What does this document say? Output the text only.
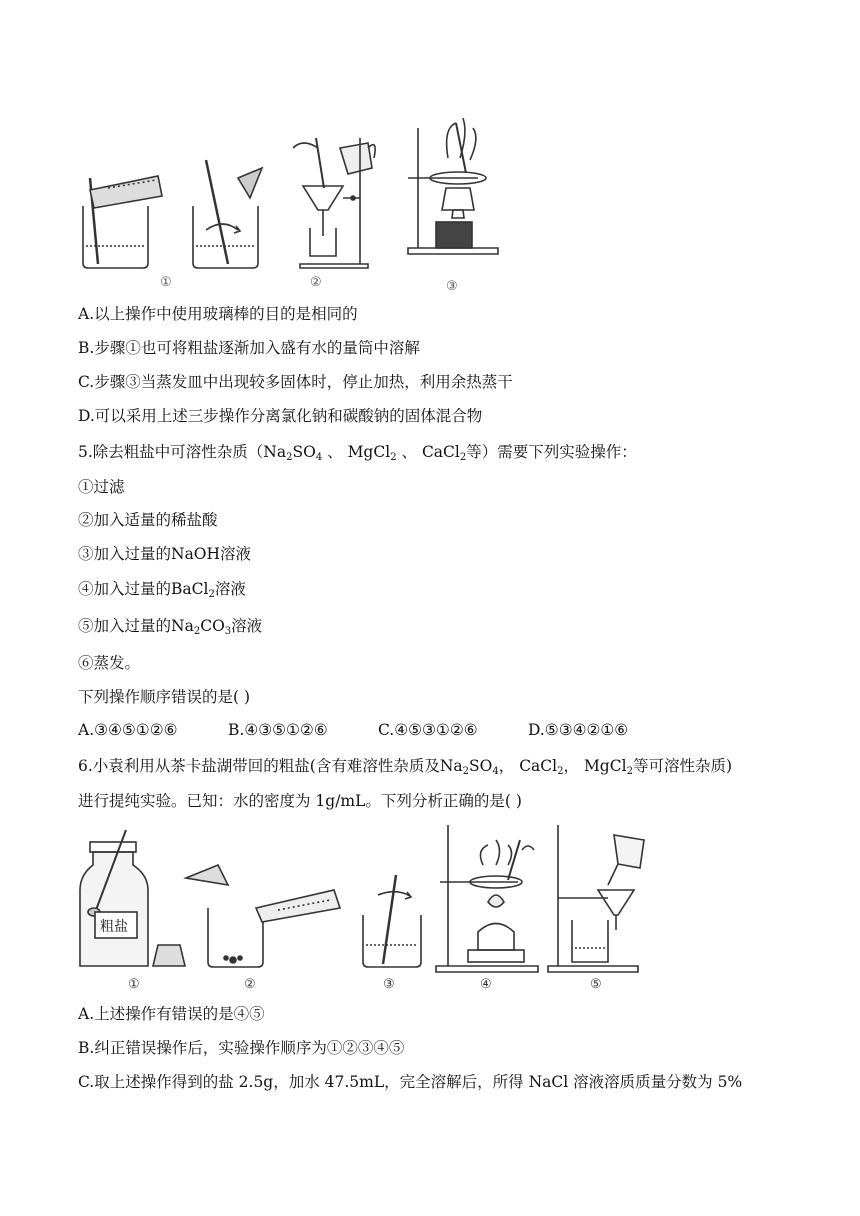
①	②	③
A.以上操作中使用玻璃棒的目的是相同的
B.步骤①也可将粗盐逐渐加入盛有水的量筒中溶解
C.步骤③当蒸发皿中出现较多固体时，停止加热，利用余热蒸干
D.可以采用上述三步操作分离氯化钠和碳酸钠的固体混合物
5.除去粗盐中可溶性杂质（$Na_2SO_4$ 、 MgCl$_2$ 、 CaCl$_2$等）需要下列实验操作：
①过滤
②加入适量的稀盐酸
③加入过量的NaOH溶液
④加入过量的BaCl$_2$溶液
⑤加入过量的$Na_2CO_3$溶液
⑥蒸发。
下列操作顺序错误的是( )
A.③④⑤①②⑥	B.④③⑤①②⑥	C.④⑤③①②⑥	D.⑤③④②①⑥
6.小袁利用从茶卡盐湖带回的粗盐(含有难溶性杂质及$Na_2SO_4$， CaCl$_2$， MgCl$_2$等可溶性杂质)
进行提纯实验。已知：水的密度为 1g/mL。下列分析正确的是( )
粗盐
①	②	③	④	⑤
A.上述操作有错误的是④⑤
B.纠正错误操作后，实验操作顺序为①②③④⑤
C.取上述操作得到的盐 2.5g，加水 47.5mL，完全溶解后，所得 NaCl 溶液溶质质量分数为 5%
